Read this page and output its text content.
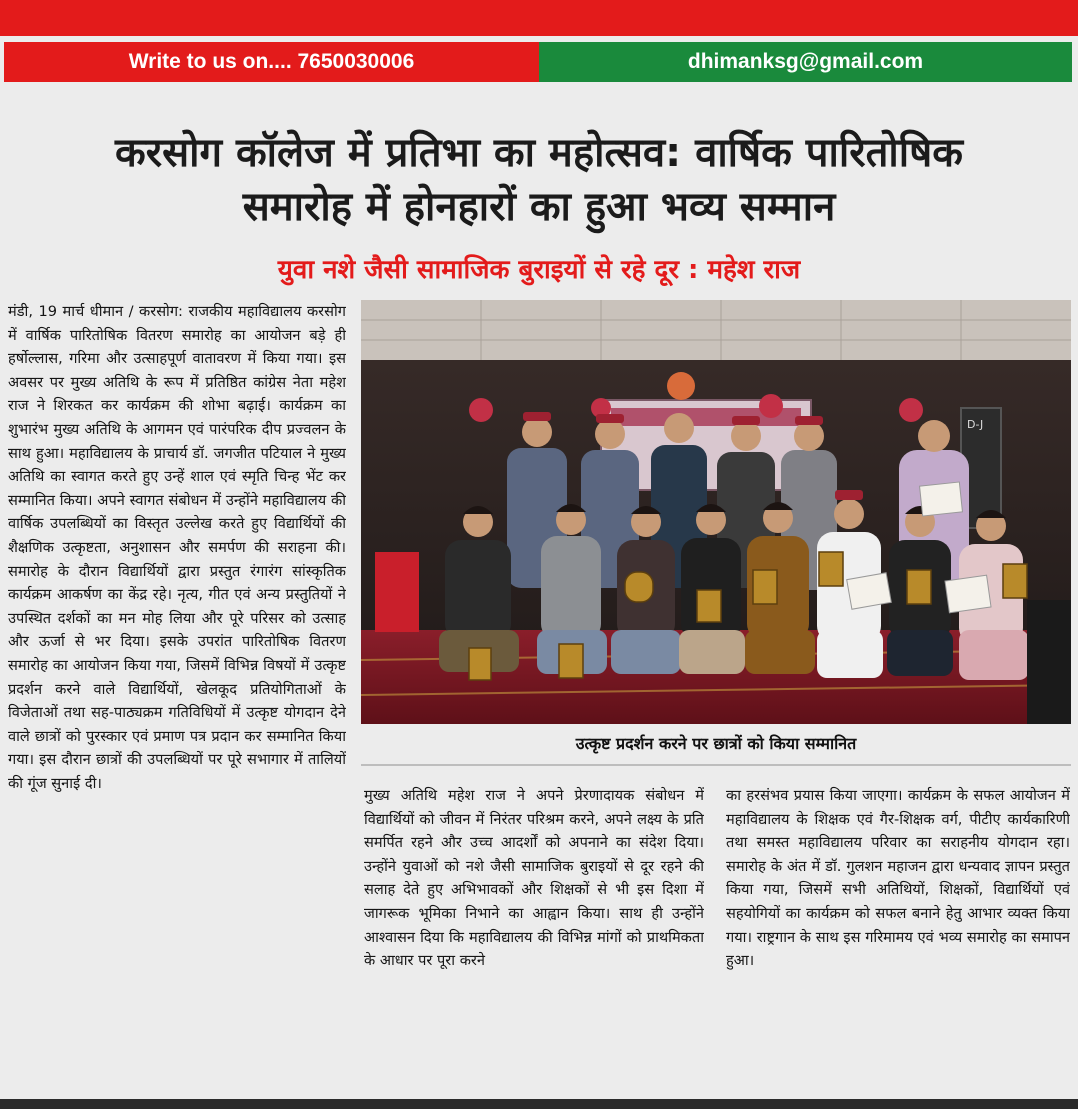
Write to us on.... 7650030006	dhimanksg@gmail.com
करसोग कॉलेज में प्रतिभा का महोत्सव: वार्षिक पारितोषिक
समारोह में होनहारों का हुआ भव्य सम्मान
युवा नशे जैसी सामाजिक बुराइयों से रहे दूर : महेश राज
मंडी, 19 मार्च धीमान / करसोग: राजकीय महाविद्यालय करसोग में वार्षिक पारितोषिक वितरण समारोह का आयोजन बड़े ही हर्षोल्लास, गरिमा और उत्साहपूर्ण वातावरण में किया गया। इस अवसर पर मुख्य अतिथि के रूप में प्रतिष्ठित कांग्रेस नेता महेश राज ने शिरकत कर कार्यक्रम की शोभा बढ़ाई। कार्यक्रम का शुभारंभ मुख्य अतिथि के आगमन एवं पारंपरिक दीप प्रज्वलन के साथ हुआ। महाविद्यालय के प्राचार्य डॉ. जगजीत पटियाल ने मुख्य अतिथि का स्वागत करते हुए उन्हें शाल एवं स्मृति चिन्ह भेंट कर सम्मानित किया। अपने स्वागत संबोधन में उन्होंने महाविद्यालय की वार्षिक उपलब्धियों का विस्तृत उल्लेख करते हुए विद्यार्थियों की शैक्षणिक उत्कृष्टता, अनुशासन और समर्पण की सराहना की। समारोह के दौरान विद्यार्थियों द्वारा प्रस्तुत रंगारंग सांस्कृतिक कार्यक्रम आकर्षण का केंद्र रहे। नृत्य, गीत एवं अन्य प्रस्तुतियों ने उपस्थित दर्शकों का मन मोह लिया और पूरे परिसर को उत्साह और ऊर्जा से भर दिया। इसके उपरांत पारितोषिक वितरण समारोह का आयोजन किया गया, जिसमें विभिन्न विषयों में उत्कृष्ट प्रदर्शन करने वाले विद्यार्थियों, खेलकूद प्रतियोगिताओं के विजेताओं तथा सह-पाठ्यक्रम गतिविधियों में उत्कृष्ट योगदान देने वाले छात्रों को पुरस्कार एवं प्रमाण पत्र प्रदान कर सम्मानित किया गया। इस दौरान छात्रों की उपलब्धियों पर पूरे सभागार में तालियों की गूंज सुनाई दी।
D-J
उत्कृष्ट प्रदर्शन करने पर छात्रों को किया सम्मानित
मुख्य अतिथि महेश राज ने अपने प्रेरणादायक संबोधन में विद्यार्थियों को जीवन में निरंतर परिश्रम करने, अपने लक्ष्य के प्रति समर्पित रहने और उच्च आदर्शों को अपनाने का संदेश दिया। उन्होंने युवाओं को नशे जैसी सामाजिक बुराइयों से दूर रहने की सलाह देते हुए अभिभावकों और शिक्षकों से भी इस दिशा में जागरूक भूमिका निभाने का आह्वान किया। साथ ही उन्होंने आश्वासन दिया कि महाविद्यालय की विभिन्न मांगों को प्राथमिकता के आधार पर पूरा करने
का हरसंभव प्रयास किया जाएगा। कार्यक्रम के सफल आयोजन में महाविद्यालय के शिक्षक एवं गैर-शिक्षक वर्ग, पीटीए कार्यकारिणी तथा समस्त महाविद्यालय परिवार का सराहनीय योगदान रहा। समारोह के अंत में डॉ. गुलशन महाजन द्वारा धन्यवाद ज्ञापन प्रस्तुत किया गया, जिसमें सभी अतिथियों, शिक्षकों, विद्यार्थियों एवं सहयोगियों का कार्यक्रम को सफल बनाने हेतु आभार व्यक्त किया गया। राष्ट्रगान के साथ इस गरिमामय एवं भव्य समारोह का समापन हुआ।
